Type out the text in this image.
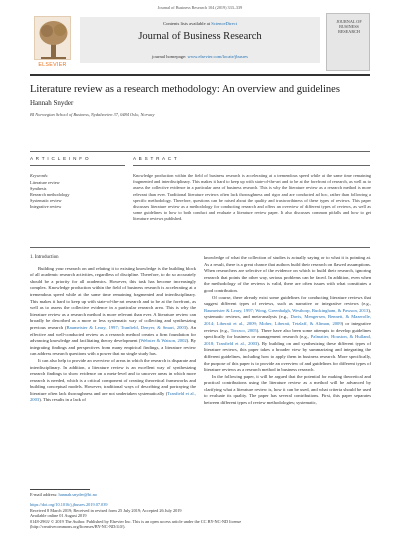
Journal of Business Research 104 (2019) 333–339
ELSEVIER
Contents lists available at ScienceDirect
Journal of Business Research
journal homepage: www.elsevier.com/locate/jbusres
JOURNAL OF BUSINESS RESEARCH
Literature review as a research methodology: An overview and guidelines
Hannah Snyder
BI Norwegian School of Business, Nydalsveien 37, 0484 Oslo, Norway
A R T I C L E I N F O	A B S T R A C T
Keywords:
Literature review
Synthesis
Research methodology
Systematic review
Integrative review
Knowledge production within the field of business research is accelerating at a tremendous speed while at the same time remaining fragmented and interdisciplinary. This makes it hard to keep up with state-of-the-art and to be at the forefront of research, as well as to assess the collective evidence in a particular area of business research. This is why the literature review as a research method is more relevant than ever. Traditional literature reviews often lack thoroughness and rigor and are conducted ad hoc, rather than following a specific methodology. Therefore, questions can be raised about the quality and trustworthiness of these types of reviews. This paper discusses literature review as a methodology for conducting research and offers an overview of different types of reviews, as well as some guidelines to how to both conduct and evaluate a literature review paper. It also discusses common pitfalls and how to get literature reviews published.
1. Introduction
Building your research on and relating it to existing knowledge is the building block of all academic research activities, regardless of discipline. Therefore, to do so accurately should be a priority for all academics. However, this task has become increasingly complex. Knowledge production within the field of business research is accelerating at a tremendous speed while at the same time remaining fragmented and interdisciplinary. This makes it hard to keep up with state-of-the-art research and to be at the forefront, as well as to assess the collective evidence in a particular research area. This is why the literature review as a research method is more relevant than ever. A literature review can broadly be described as a more or less systematic way of collecting and synthesizing previous research (Baumeister & Leary, 1997; Tranfield, Denyer, & Smart, 2003). An effective and well-conducted review as a research method creates a firm foundation for advancing knowledge and facilitating theory development (Webster & Watson, 2002). By integrating findings and perspectives from many empirical findings, a literature review can address research questions with a power that no single study has.
It can also help to provide an overview of areas in which the research is disparate and interdisciplinary. In addition, a literature review is an excellent way of synthesizing research findings to show evidence on a meta-level and to uncover areas in which more research is needed, which is a critical component of creating theoretical frameworks and building conceptual models. However, traditional ways of describing and portraying the literature often lack thoroughness and are not undertaken systematically (Tranfield et al., 2003). This results in a lack of
knowledge of what the collection of studies is actually saying or to what it is pointing at. As a result, there is a great chance that authors build their research on flawed assumptions. When researchers are selective of the evidence on which to build their research, ignoring research that points the other way, serious problems can be faced. In addition, even when the methodology of the reviews is valid, there are often issues with what constitutes a good contribution.
Of course, there already exist some guidelines for conducting literature reviews that suggest different types of reviews, such as narrative or integrative reviews (e.g., Baumeister & Leary, 1997; Wong, Greenhalgh, Westhorp, Buckingham, & Pawson, 2013), systematic reviews, and meta-analysis (e.g., Davis, Mengersen, Bennett, & Mazerolle, 2014; Liberati et al., 2009; Moher, Liberati, Tetzlaff, & Altman, 2009) or integrative reviews (e.g., Torraco, 2005). There have also been some attempts to develop guidelines specifically for business or management research (e.g., Palmatier, Houston, & Hulland, 2018; Tranfield et al., 2003). By building on and synthesizing these different types of literature reviews, this paper takes a broader view by summarizing and integrating the different guidelines, including how to apply them in business research. More specifically, the purpose of this paper is to provide an overview of and guidelines for different types of literature reviews as a research method in business research.
In the following paper, it will be argued that the potential for making theoretical and practical contributions using the literature review as a method will be advanced by clarifying what a literature review is, how it can be used, and what criteria should be used to evaluate its quality. The paper has several contributions. First, this paper separates between different types of review methodologies; systematic,
E-mail address: hannah.snyder@bi.no
https://doi.org/10.1016/j.jbusres.2019.07.039
Received 8 March 2019; Received in revised form 25 July 2019; Accepted 26 July 2019
Available online 01 August 2019
0148-2963/ © 2019 The Author. Published by Elsevier Inc. This is an open access article under the CC BY-NC-ND license
(http://creativecommons.org/licenses/BY-NC-ND/4.0/).
